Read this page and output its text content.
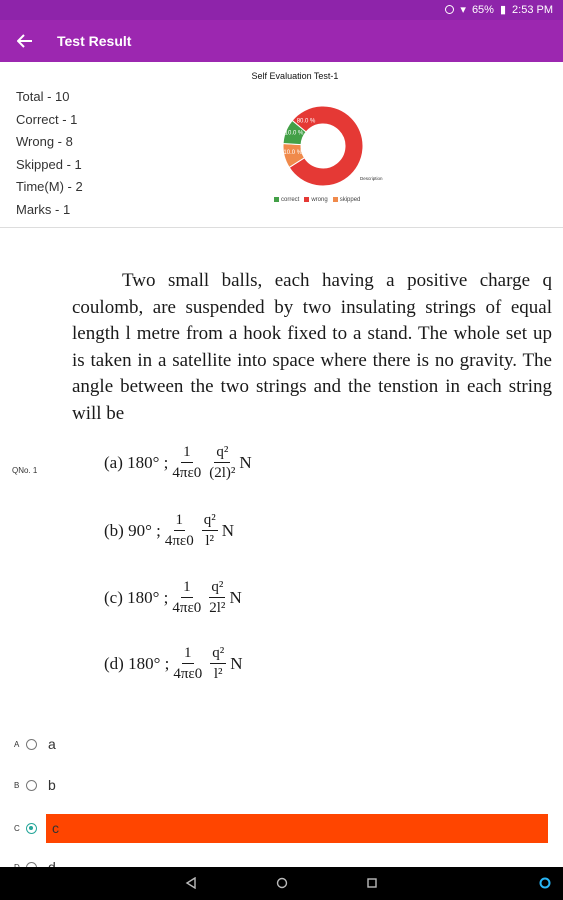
▾ 65% ▮ 2:53 PM
Test Result
Total - 10
Correct - 1
Wrong - 8
Skipped - 1
Time(M) - 2
Marks - 1
Self Evaluation Test-1
80.0 %
10.0 %
10.0 %
Description
correct	wrong	skipped
QNo. 1

Two small balls, each having a positive charge q coulomb, are suspended by two insulating strings of equal length l metre from a hook fixed to a stand. The whole set up is taken in a satellite into space where there is no gravity. The angle between the two strings and the tenstion in each string will be

(a) 180° ; $\frac{1}{4\pi\varepsilon 0} \frac{\text{q²}}{\text{(2l)²}}$ N
(b) 90° ; $\frac{1}{4\pi\varepsilon 0} \frac{\text{q²}}{\text{l²}}$ N
(c) 180° ; $\frac{1}{4\pi\varepsilon 0} \frac{\text{q²}}{\text{2l²}}$ N
(d) 180° ; $\frac{1}{4\pi\varepsilon 0} \frac{\text{q²}}{\text{l²}}$ N
A	a
B	b
C	c
